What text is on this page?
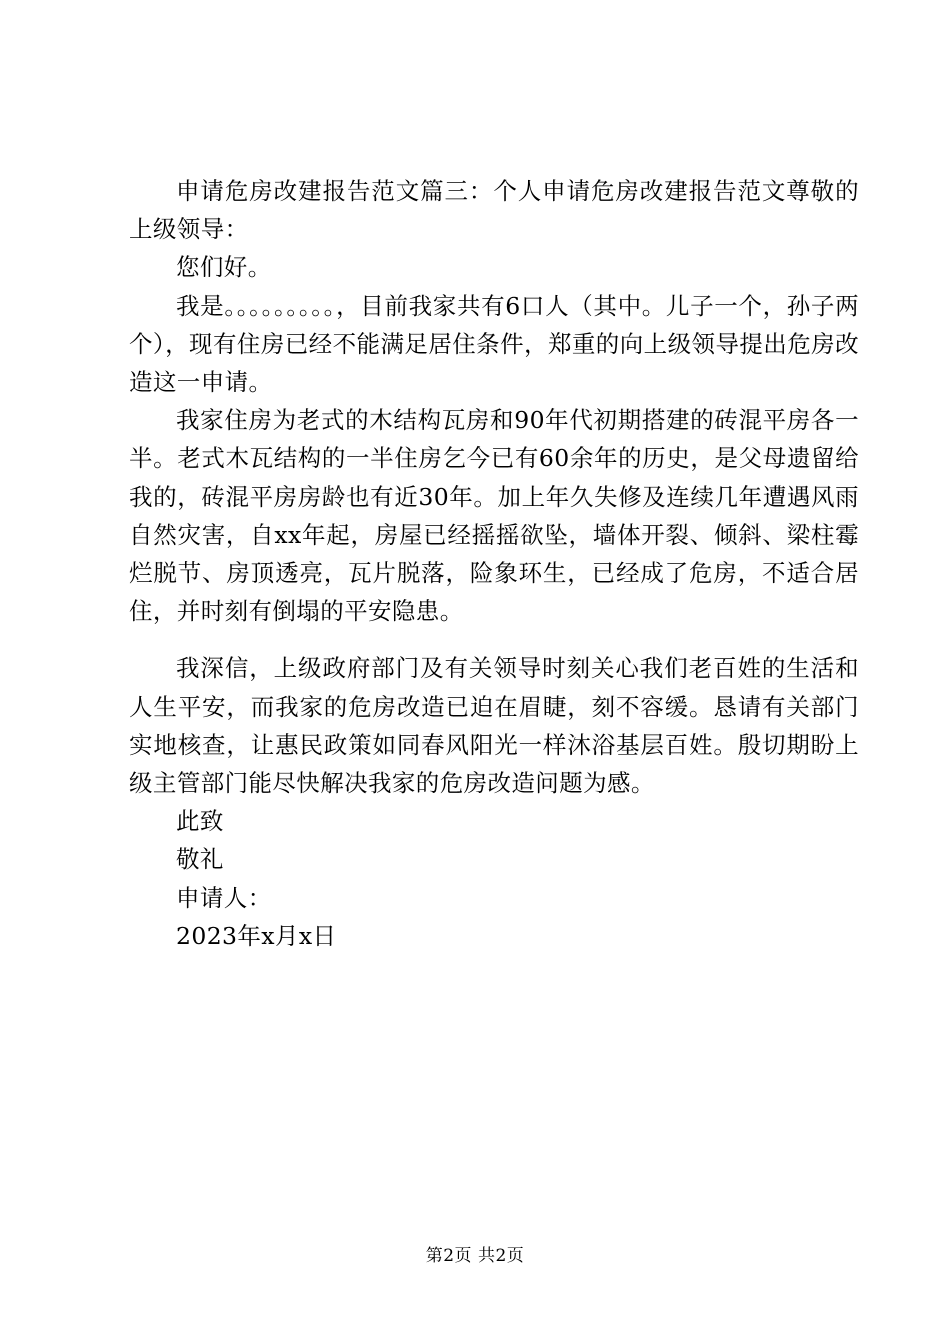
申请危房改建报告范文篇三：个人申请危房改建报告范文尊敬的上级领导：

您们好。

我是。。。。。。。。。，目前我家共有6口人（其中。儿子一个，孙子两个），现有住房已经不能满足居住条件，郑重的向上级领导提出危房改造这一申请。

我家住房为老式的木结构瓦房和90年代初期搭建的砖混平房各一半。老式木瓦结构的一半住房乞今已有60余年的历史，是父母遗留给我的，砖混平房房龄也有近30年。加上年久失修及连续几年遭遇风雨自然灾害，自xx年起，房屋已经摇摇欲坠，墙体开裂、倾斜、梁柱霉烂脱节、房顶透亮，瓦片脱落，险象环生，已经成了危房，不适合居住，并时刻有倒塌的平安隐患。

我深信，上级政府部门及有关领导时刻关心我们老百姓的生活和人生平安，而我家的危房改造已迫在眉睫，刻不容缓。恳请有关部门实地核查，让惠民政策如同春风阳光一样沐浴基层百姓。殷切期盼上级主管部门能尽快解决我家的危房改造问题为感。

此致

敬礼

申请人：

2023年x月x日

第2页 共2页
